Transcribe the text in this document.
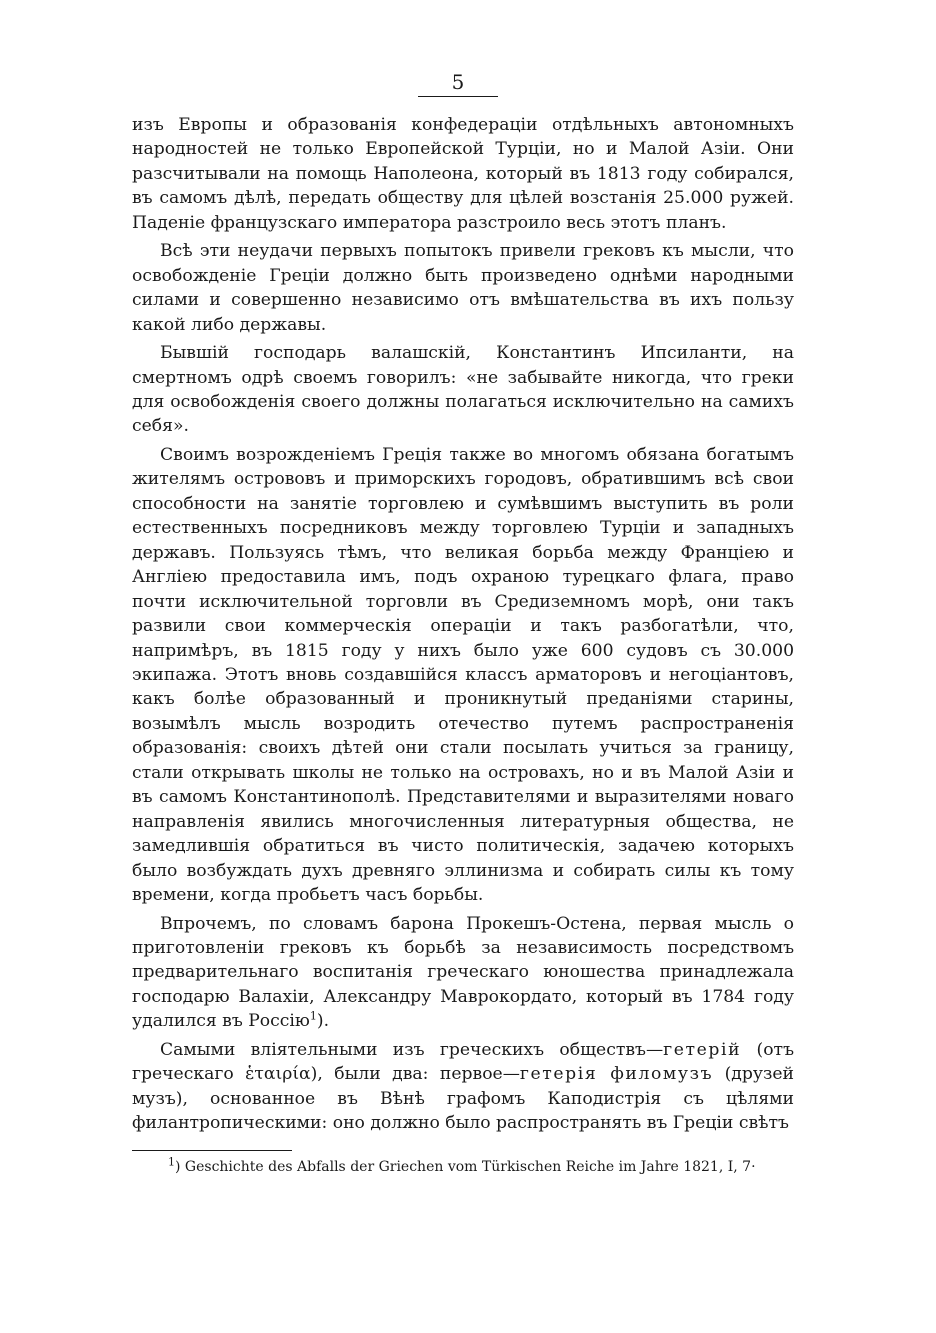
5

изъ Европы и образованія конфедераціи отдѣльныхъ автономныхъ народностей не только Европейской Турціи, но и Малой Азіи. Они разсчитывали на помощь Наполеона, который въ 1813 году собирался, въ самомъ дѣлѣ, передать обществу для цѣлей возстанія 25.000 ружей. Паденіе французскаго императора разстроило весь этотъ планъ.

Всѣ эти неудачи первыхъ попытокъ привели грековъ къ мысли, что освобожденіе Греціи должно быть произведено однѣми народными силами и совершенно независимо отъ вмѣшательства въ ихъ пользу какой либо державы.

Бывшій господарь валашскій, Константинъ Ипсиланти, на смертномъ одрѣ своемъ говорилъ: «не забывайте никогда, что греки для освобожденія своего должны полагаться исключительно на самихъ себя».

Своимъ возрожденіемъ Греція также во многомъ обязана богатымъ жителямъ острововъ и приморскихъ городовъ, обратившимъ всѣ свои способности на занятіе торговлею и сумѣвшимъ выступить въ роли естественныхъ посредниковъ между торговлею Турціи и западныхъ державъ. Пользуясь тѣмъ, что великая борьба между Франціею и Англіею предоставила имъ, подъ охраною турецкаго флага, право почти исключительной торговли въ Средиземномъ морѣ, они такъ развили свои коммерческія операціи и такъ разбогатѣли, что, напримѣръ, въ 1815 году у нихъ было уже 600 судовъ съ 30.000 экипажа. Этотъ вновь создавшійся классъ арматоровъ и негоціантовъ, какъ болѣе образованный и проникнутый преданіями старины, возымѣлъ мысль возродить отечество путемъ распространенія образованія: своихъ дѣтей они стали посылать учиться за границу, стали открывать школы не только на островахъ, но и въ Малой Азіи и въ самомъ Константинополѣ. Представителями и выразителями новаго направленія явились многочисленныя литературныя общества, не замедлившія обратиться въ чисто политическія, задачею которыхъ было возбуждать духъ древняго эллинизма и собирать силы къ тому времени, когда пробьетъ часъ борьбы.

Впрочемъ, по словамъ барона Прокешъ-Остена, первая мысль о приготовленіи грековъ къ борьбѣ за независимость посредствомъ предварительнаго воспитанія греческаго юношества принадлежала господарю Валахіи, Александру Маврокордато, который въ 1784 году удалился въ Россію$^1$).

Самыми вліятельными изъ греческихъ обществъ—гетерій (отъ греческаго ἑταιρία), были два: первое—гетерія филомузъ (друзей музъ), основанное въ Вѣнѣ графомъ Каподистрія съ цѣлями филантропическими: оно должно было распространять въ Греціи свѣтъ

$^1$) Geschichte des Abfalls der Griechen vom Türkischen Reiche im Jahre 1821, I, 7·
